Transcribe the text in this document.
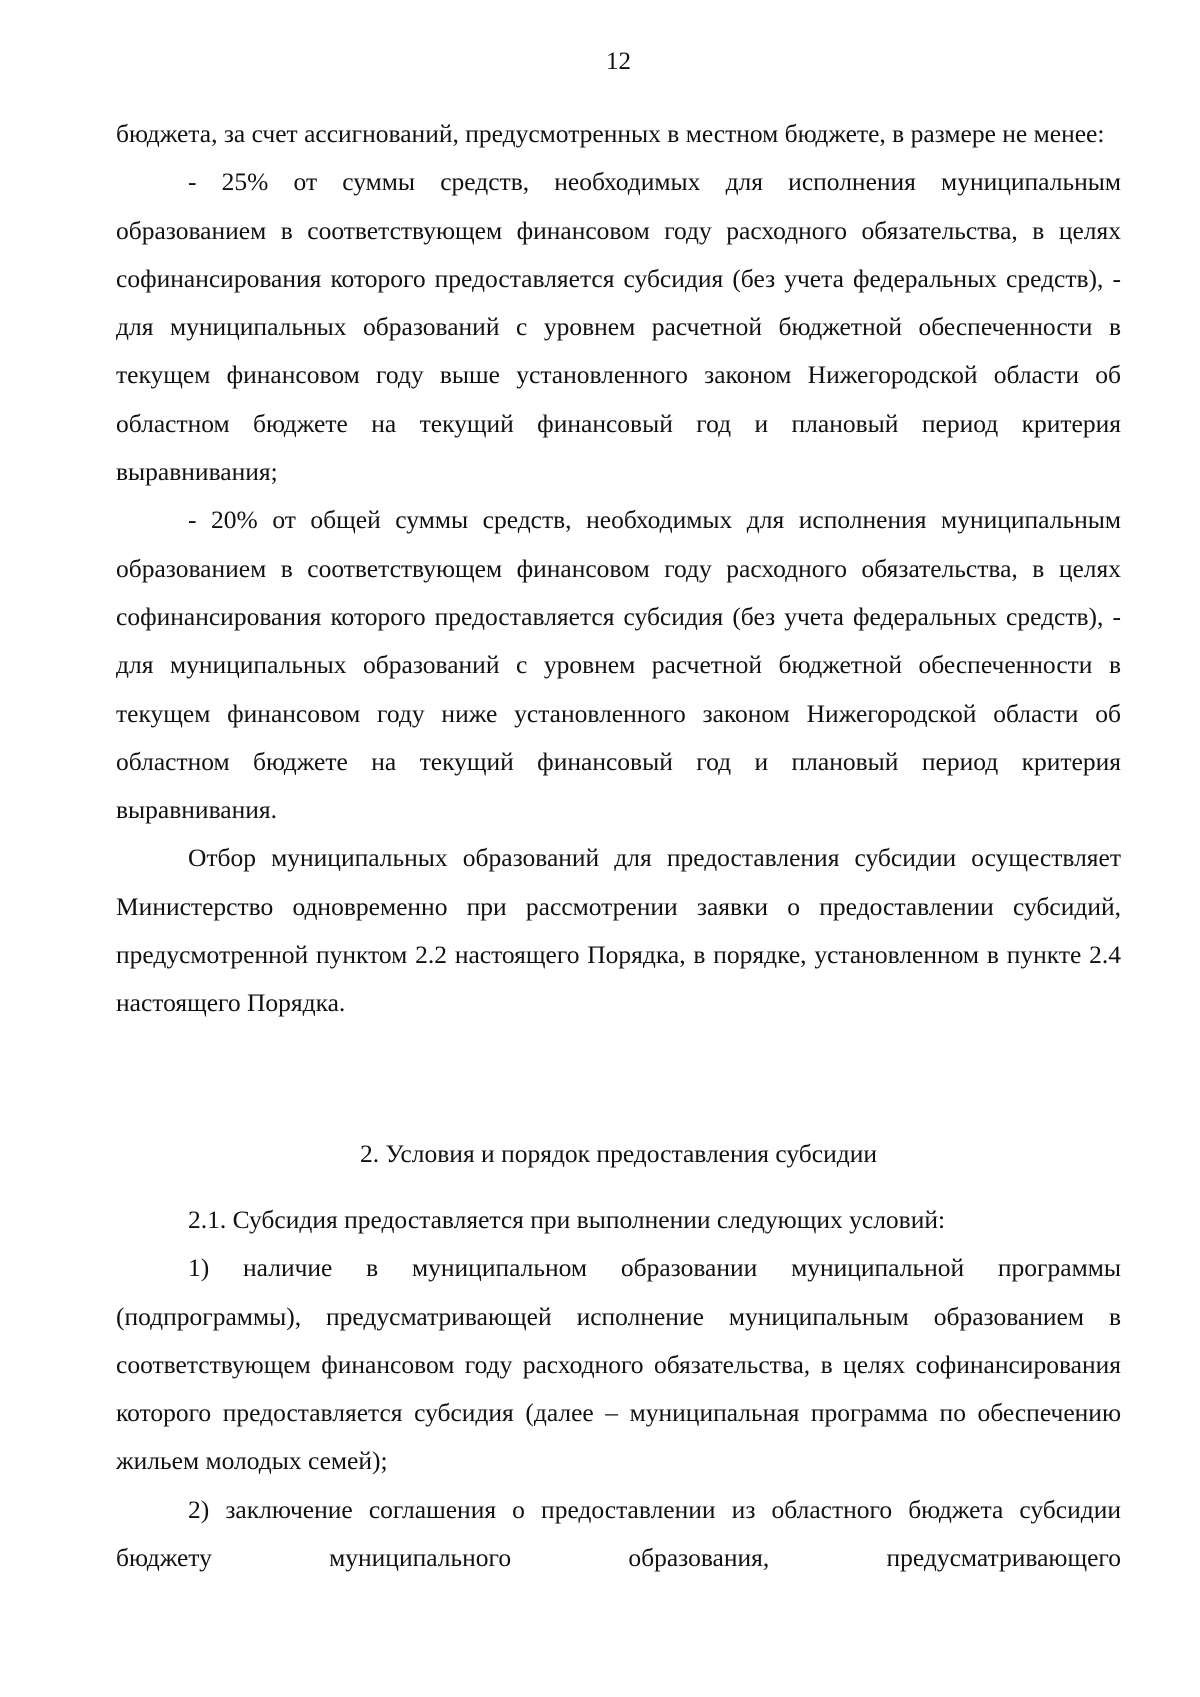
12

бюджета, за счет ассигнований, предусмотренных в местном бюджете, в размере не менее:

- 25% от суммы средств, необходимых для исполнения муниципальным образованием в соответствующем финансовом году расходного обязательства, в целях софинансирования которого предоставляется субсидия (без учета федеральных средств), - для муниципальных образований с уровнем расчетной бюджетной обеспеченности в текущем финансовом году выше установленного законом Нижегородской области об областном бюджете на текущий финансовый год и плановый период критерия выравнивания;

- 20% от общей суммы средств, необходимых для исполнения муниципальным образованием в соответствующем финансовом году расходного обязательства, в целях софинансирования которого предоставляется субсидия (без учета федеральных средств), - для муниципальных образований с уровнем расчетной бюджетной обеспеченности в текущем финансовом году ниже установленного законом Нижегородской области об областном бюджете на текущий финансовый год и плановый период критерия выравнивания.

Отбор муниципальных образований для предоставления субсидии осуществляет Министерство одновременно при рассмотрении заявки о предоставлении субсидий, предусмотренной пунктом 2.2 настоящего Порядка, в порядке, установленном в пункте 2.4 настоящего Порядка.

2. Условия и порядок предоставления субсидии

2.1. Субсидия предоставляется при выполнении следующих условий:

1) наличие в муниципальном образовании муниципальной программы (подпрограммы), предусматривающей исполнение муниципальным образованием в соответствующем финансовом году расходного обязательства, в целях софинансирования которого предоставляется субсидия (далее – муниципальная программа по обеспечению жильем молодых семей);

2) заключение соглашения о предоставлении из областного бюджета субсидии бюджету муниципального образования, предусматривающего
